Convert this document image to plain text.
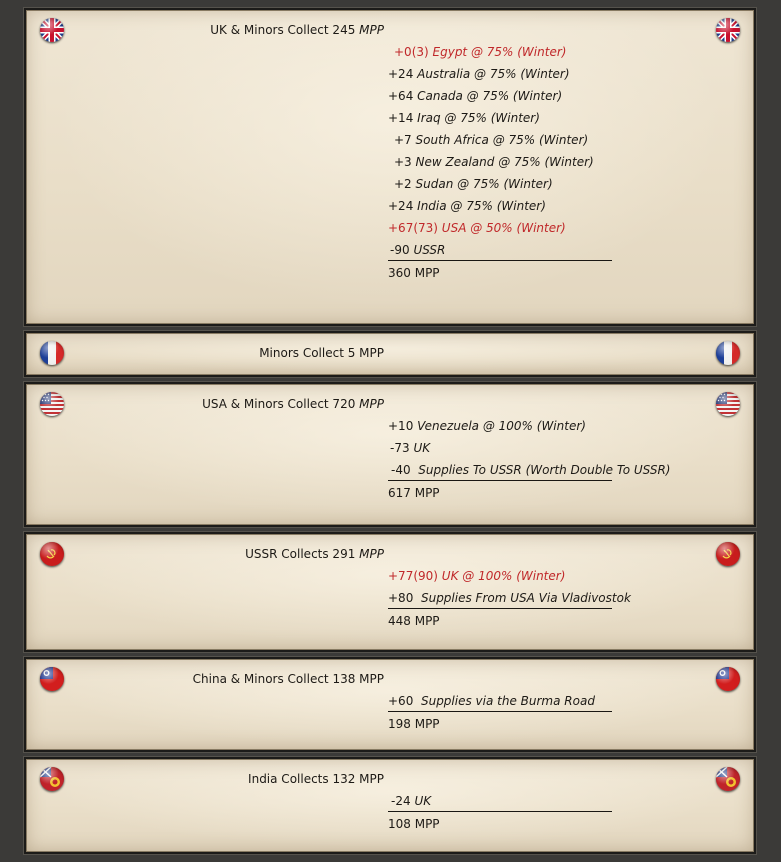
UK & Minors Collect 245 MPP
+0(3) Egypt @ 75% (Winter)
+24 Australia @ 75% (Winter)
+64 Canada @ 75% (Winter)
+14 Iraq @ 75% (Winter)
+7 South Africa @ 75% (Winter)
+3 New Zealand @ 75% (Winter)
+2 Sudan @ 75% (Winter)
+24 India @ 75% (Winter)
+67(73) USA @ 50% (Winter)
-90 USSR
360 MPP
Minors Collect 5 MPP
USA & Minors Collect 720 MPP
+10 Venezuela @ 100% (Winter)
-73 UK
-40  Supplies To USSR (Worth Double To USSR)
617 MPP
USSR Collects 291 MPP
+77(90) UK @ 100% (Winter)
+80  Supplies From USA Via Vladivostok
448 MPP
China & Minors Collect 138 MPP
+60  Supplies via the Burma Road
198 MPP
India Collects 132 MPP
-24 UK
108 MPP
